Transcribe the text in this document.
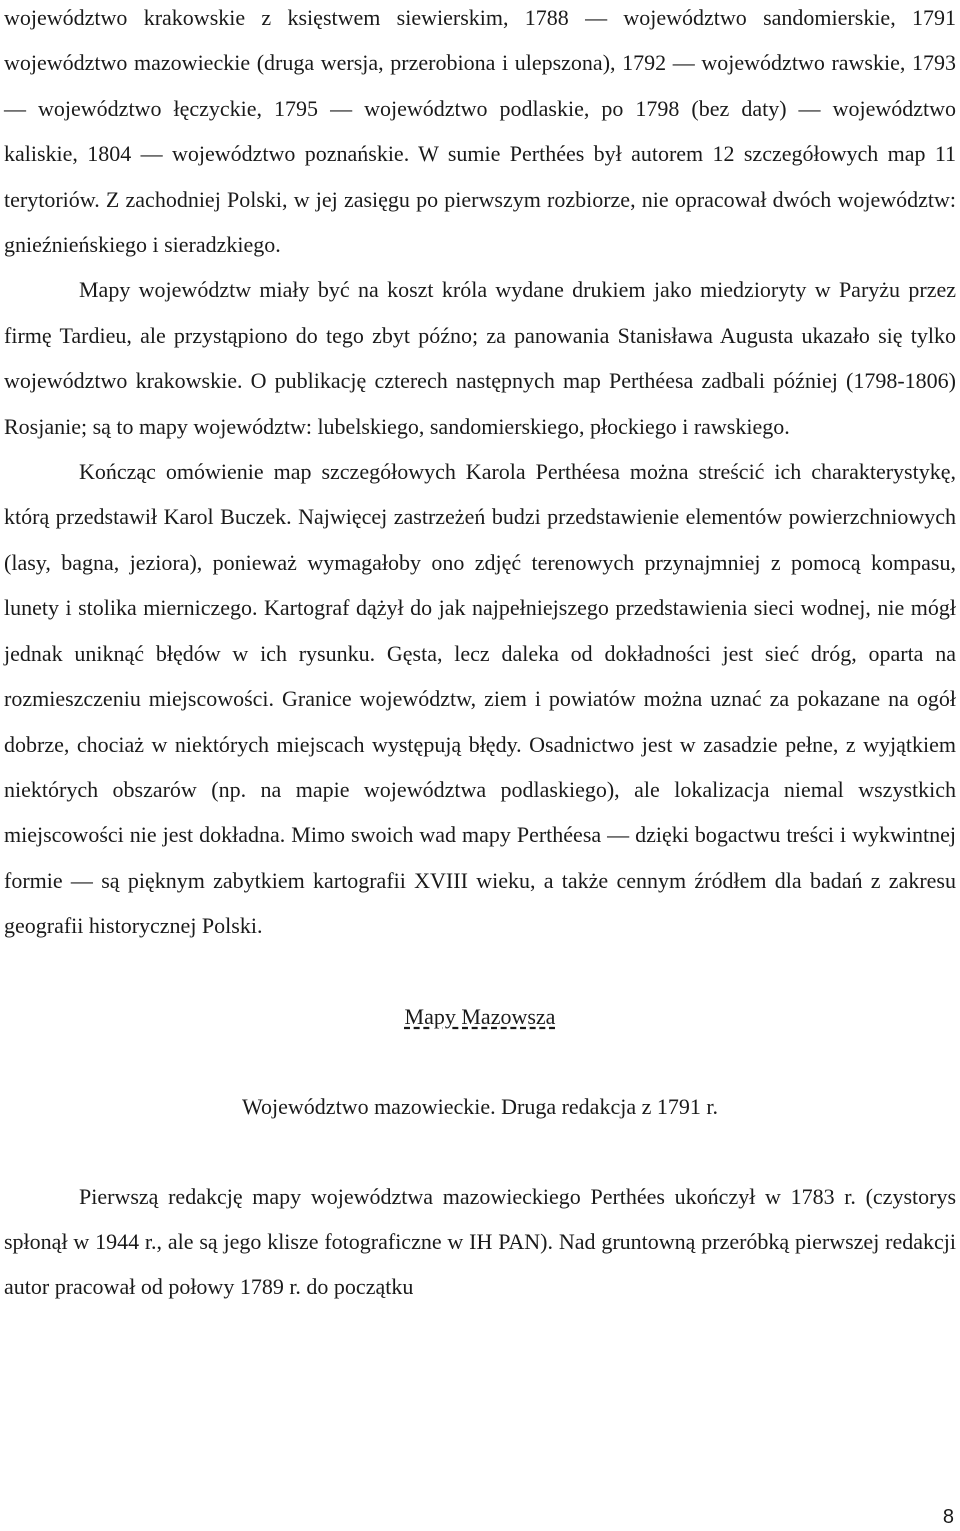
województwo krakowskie z księstwem siewierskim, 1788 — województwo sandomierskie, 1791 województwo mazowieckie (druga wersja, przerobiona i ulepszona), 1792 — województwo rawskie, 1793 — województwo łęczyckie, 1795 — województwo podlaskie, po 1798 (bez daty) — województwo kaliskie, 1804 — województwo poznańskie. W sumie Perthées był autorem 12 szczegółowych map 11 terytoriów. Z zachodniej Polski, w jej zasięgu po pierwszym rozbiorze, nie opracował dwóch województw: gnieźnieńskiego i sieradzkiego.

Mapy województw miały być na koszt króla wydane drukiem jako miedzioryty w Paryżu przez firmę Tardieu, ale przystąpiono do tego zbyt późno; za panowania Stanisława Augusta ukazało się tylko województwo krakowskie. O publikację czterech następnych map Perthéesa zadbali później (1798-1806) Rosjanie; są to mapy województw: lubelskiego, sandomierskiego, płockiego i rawskiego.

Kończąc omówienie map szczegółowych Karola Perthéesa można streścić ich charakterystykę, którą przedstawił Karol Buczek. Najwięcej zastrzeżeń budzi przedstawienie elementów powierzchniowych (lasy, bagna, jeziora), ponieważ wymagałoby ono zdjęć terenowych przynajmniej z pomocą kompasu, lunety i stolika mierniczego. Kartograf dążył do jak najpełniejszego przedstawienia sieci wodnej, nie mógł jednak uniknąć błędów w ich rysunku. Gęsta, lecz daleka od dokładności jest sieć dróg, oparta na rozmieszczeniu miejscowości. Granice województw, ziem i powiatów można uznać za pokazane na ogół dobrze, chociaż w niektórych miejscach występują błędy. Osadnictwo jest w zasadzie pełne, z wyjątkiem niektórych obszarów (np. na mapie województwa podlaskiego), ale lokalizacja niemal wszystkich miejscowości nie jest dokładna. Mimo swoich wad mapy Perthéesa — dzięki bogactwu treści i wykwintnej formie — są pięknym zabytkiem kartografii XVIII wieku, a także cennym źródłem dla badań z zakresu geografii historycznej Polski.

Mapy Mazowsza

Województwo mazowieckie. Druga redakcja z 1791 r.

Pierwszą redakcję mapy województwa mazowieckiego Perthées ukończył w 1783 r. (czystorys spłonął w 1944 r., ale są jego klisze fotograficzne w IH PAN). Nad gruntowną przeróbką pierwszej redakcji autor pracował od połowy 1789 r. do początku

8
